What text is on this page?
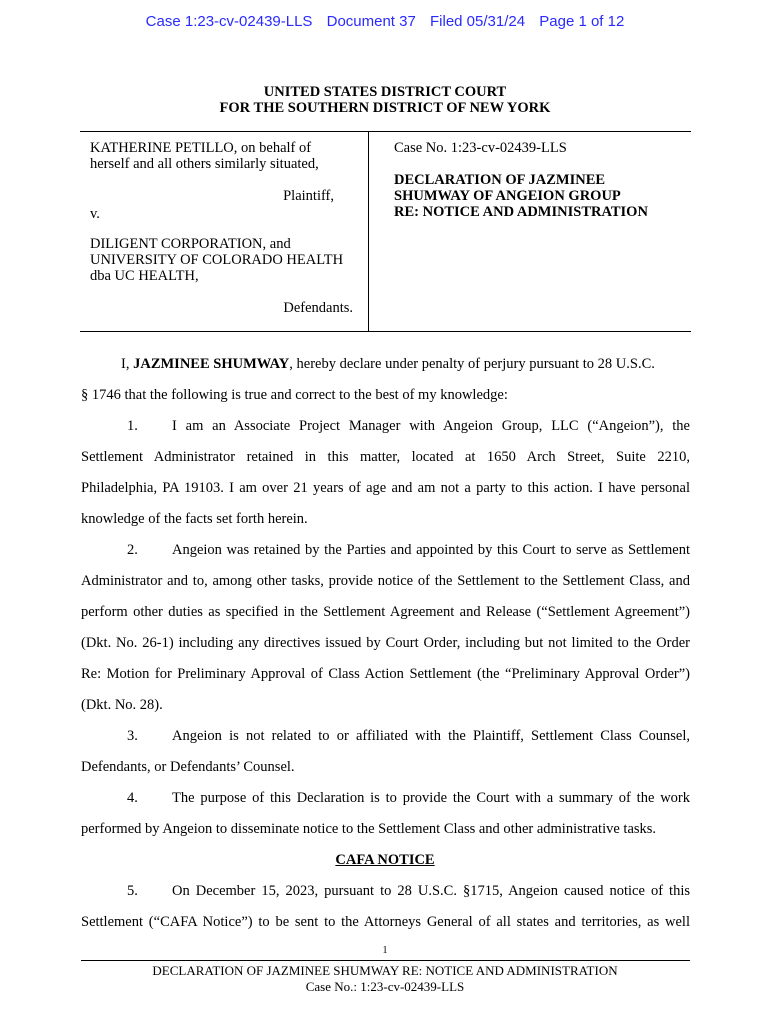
Case 1:23-cv-02439-LLS Document 37 Filed 05/31/24 Page 1 of 12
UNITED STATES DISTRICT COURT
FOR THE SOUTHERN DISTRICT OF NEW YORK
KATHERINE PETILLO, on behalf of
herself and all others similarly situated,
Plaintiff,
v.
DILIGENT CORPORATION, and
UNIVERSITY OF COLORADO HEALTH
dba UC HEALTH,
Defendants.
Case No. 1:23-cv-02439-LLS
DECLARATION OF JAZMINEE
SHUMWAY OF ANGEION GROUP
RE: NOTICE AND ADMINISTRATION
I, JAZMINEE SHUMWAY, hereby declare under penalty of perjury pursuant to 28 U.S.C.
§ 1746 that the following is true and correct to the best of my knowledge:
1.	I am an Associate Project Manager with Angeion Group, LLC (“Angeion”), the
Settlement Administrator retained in this matter, located at 1650 Arch Street, Suite 2210,
Philadelphia, PA 19103. I am over 21 years of age and am not a party to this action. I have personal
knowledge of the facts set forth herein.
2.	Angeion was retained by the Parties and appointed by this Court to serve as Settlement
Administrator and to, among other tasks, provide notice of the Settlement to the Settlement Class, and
perform other duties as specified in the Settlement Agreement and Release (“Settlement Agreement”)
(Dkt. No. 26-1) including any directives issued by Court Order, including but not limited to the Order
Re: Motion for Preliminary Approval of Class Action Settlement (the “Preliminary Approval Order”)
(Dkt. No. 28).
3.	Angeion is not related to or affiliated with the Plaintiff, Settlement Class Counsel,
Defendants, or Defendants’ Counsel.
4.	The purpose of this Declaration is to provide the Court with a summary of the work
performed by Angeion to disseminate notice to the Settlement Class and other administrative tasks.
5.	On December 15, 2023, pursuant to 28 U.S.C. §1715, Angeion caused notice of this
Settlement (“CAFA Notice”) to be sent to the Attorneys General of all states and territories, as well
CAFA NOTICE
1
DECLARATION OF JAZMINEE SHUMWAY RE: NOTICE AND ADMINISTRATION
Case No.: 1:23-cv-02439-LLS
